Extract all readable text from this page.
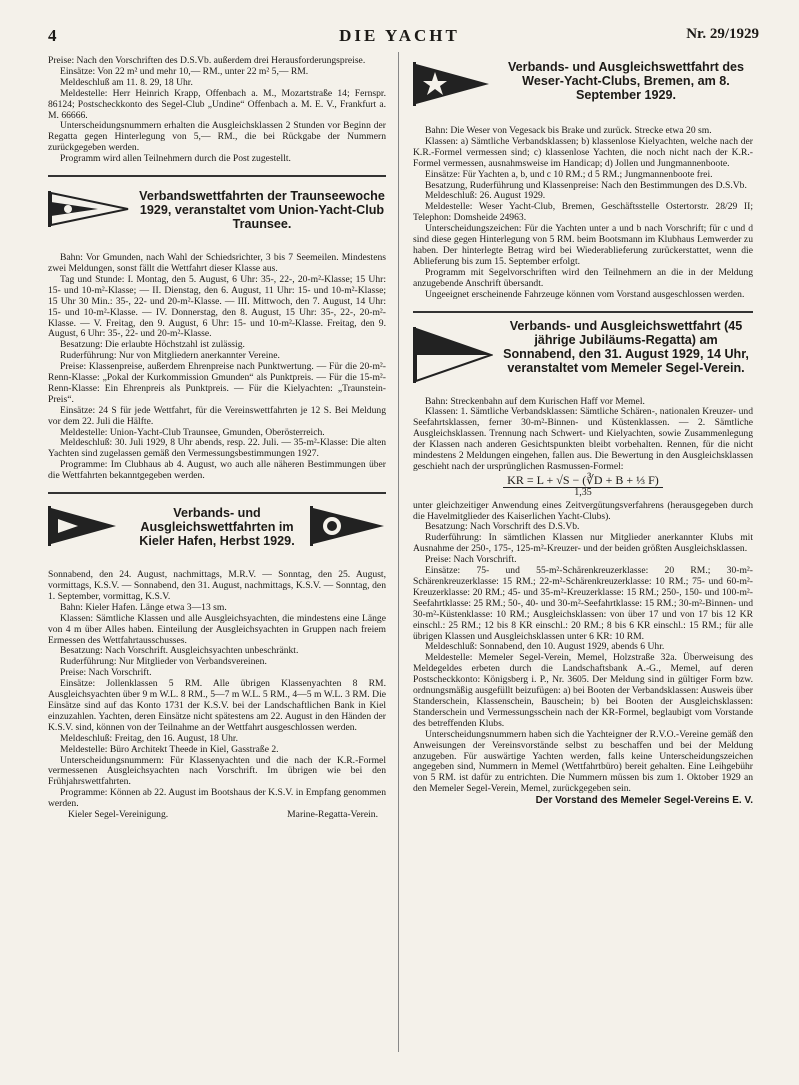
4	DIE YACHT	Nr. 29/1929

Preise: Nach den Vorschriften des D.S.Vb. außerdem drei Herausforderungspreise.

Einsätze: Von 22 m² und mehr 10,— RM., unter 22 m² 5,— RM.

Meldeschluß am 11. 8. 29, 18 Uhr.

Meldestelle: Herr Heinrich Krapp, Offenbach a. M., Mozartstraße 14; Fernspr. 86124; Postscheckkonto des Segel-Club „Undine“ Offenbach a. M. E. V., Frankfurt a. M. 66666.

Unterscheidungsnummern erhalten die Ausgleichsklassen 2 Stunden vor Beginn der Regatta gegen Hinterlegung von 5,— RM., die bei Rückgabe der Nummern zurückgegeben werden.

Programm wird allen Teilnehmern durch die Post zugestellt.

Verbandswettfahrten der Traunseewoche 1929, veranstaltet vom Union-Yacht-Club Traunsee.

Bahn: Vor Gmunden, nach Wahl der Schiedsrichter, 3 bis 7 Seemeilen. Mindestens zwei Meldungen, sonst fällt die Wettfahrt dieser Klasse aus.

Tag und Stunde: I. Montag, den 5. August, 6 Uhr: 35-, 22-, 20-m²-Klasse; 15 Uhr: 15- und 10-m²-Klasse; — II. Dienstag, den 6. August, 11 Uhr: 15- und 10-m²-Klasse; 15 Uhr 30 Min.: 35-, 22- und 20-m²-Klasse. — III. Mittwoch, den 7. August, 14 Uhr: 15- und 10-m²-Klasse. — IV. Donnerstag, den 8. August, 15 Uhr: 35-, 22-, 20-m²-Klasse. — V. Freitag, den 9. August, 6 Uhr: 15- und 10-m²-Klasse. Freitag, den 9. August, 6 Uhr: 35-, 22- und 20-m²-Klasse.

Besatzung: Die erlaubte Höchstzahl ist zulässig.

Ruderführung: Nur von Mitgliedern anerkannter Vereine.

Preise: Klassenpreise, außerdem Ehrenpreise nach Punktwertung. — Für die 20-m²-Renn-Klasse: „Pokal der Kurkommission Gmunden“ als Punktpreis. — Für die 15-m²-Renn-Klasse: Ein Ehrenpreis als Punktpreis. — Für die Kielyachten: „Traunstein-Preis“.

Einsätze: 24 S für jede Wettfahrt, für die Vereinswettfahrten je 12 S. Bei Meldung vor dem 22. Juli die Hälfte.

Meldestelle: Union-Yacht-Club Traunsee, Gmunden, Oberösterreich.

Meldeschluß: 30. Juli 1929, 8 Uhr abends, resp. 22. Juli. — 35-m²-Klasse: Die alten Yachten sind zugelassen gemäß den Vermessungsbestimmungen 1927.

Programme: Im Clubhaus ab 4. August, wo auch alle näheren Bestimmungen über die Wettfahrten bekanntgegeben werden.

Verbands- und Ausgleichswettfahrten im Kieler Hafen, Herbst 1929.

Sonnabend, den 24. August, nachmittags, M.R.V. — Sonntag, den 25. August, vormittags, K.S.V. — Sonnabend, den 31. August, nachmittags, K.S.V. — Sonntag, den 1. September, vormittag, K.S.V.

Bahn: Kieler Hafen. Länge etwa 3—13 sm.

Klassen: Sämtliche Klassen und alle Ausgleichsyachten, die mindestens eine Länge von 4 m über Alles haben. Einteilung der Ausgleichsyachten in Gruppen nach freiem Ermessen des Wettfahrtausschusses.

Besatzung: Nach Vorschrift. Ausgleichsyachten unbeschränkt.

Ruderführung: Nur Mitglieder von Verbandsvereinen.

Preise: Nach Vorschrift.

Einsätze: Jollenklassen 5 RM. Alle übrigen Klassenyachten 8 RM. Ausgleichsyachten über 9 m W.L. 8 RM., 5—7 m W.L. 5 RM., 4—5 m W.L. 3 RM. Die Einsätze sind auf das Konto 1731 der K.S.V. bei der Landschaftlichen Bank in Kiel einzuzahlen. Yachten, deren Einsätze nicht spätestens am 22. August in den Händen der K.S.V. sind, können von der Teilnahme an der Wettfahrt ausgeschlossen werden.

Meldeschluß: Freitag, den 16. August, 18 Uhr.

Meldestelle: Büro Architekt Theede in Kiel, Gasstraße 2.

Unterscheidungsnummern: Für Klassenyachten und die nach der K.R.-Formel vermessenen Ausgleichsyachten nach Vorschrift. Im übrigen wie bei den Frühjahrswettfahrten.

Programme: Können ab 22. August im Bootshaus der K.S.V. in Empfang genommen werden.

Kieler Segel-Vereinigung.	Marine-Regatta-Verein.

Verbands- und Ausgleichswettfahrt des Weser-Yacht-Clubs, Bremen, am 8. September 1929.

Bahn: Die Weser von Vegesack bis Brake und zurück. Strecke etwa 20 sm.

Klassen: a) Sämtliche Verbandsklassen; b) klassenlose Kielyachten, welche nach der K.R.-Formel vermessen sind; c) klassenlose Yachten, die noch nicht nach der K.R.-Formel vermessen, ausnahmsweise im Handicap; d) Jollen und Jungmannenboote.

Einsätze: Für Yachten a, b, und c 10 RM.; d 5 RM.; Jungmannenboote frei.

Besatzung, Ruderführung und Klassenpreise: Nach den Bestimmungen des D.S.Vb.

Meldeschluß: 26. August 1929.

Meldestelle: Weser Yacht-Club, Bremen, Geschäftsstelle Ostertorstr. 28/29 II; Telephon: Domsheide 24963.

Unterscheidungszeichen: Für die Yachten unter a und b nach Vorschrift; für c und d sind diese gegen Hinterlegung von 5 RM. beim Bootsmann im Klubhaus Lemwerder zu haben. Der hinterlegte Betrag wird bei Wiederablieferung zurückerstattet, wenn die Ablieferung bis zum 15. September erfolgt.

Programm mit Segelvorschriften wird den Teilnehmern an die in der Meldung anzugebende Anschrift übersandt.

Ungeeignet erscheinende Fahrzeuge können vom Vorstand ausgeschlossen werden.

Verbands- und Ausgleichswettfahrt (45 jährige Jubiläums-Regatta) am Sonnabend, den 31. August 1929, 14 Uhr, veranstaltet vom Memeler Segel-Verein.

Bahn: Streckenbahn auf dem Kurischen Haff vor Memel.

Klassen: 1. Sämtliche Verbandsklassen: Sämtliche Schären-, nationalen Kreuzer- und Seefahrtsklassen, ferner 30-m²-Binnen- und Küstenklassen. — 2. Sämtliche Ausgleichsklassen. Trennung nach Schwert- und Kielyachten, sowie Zusammenlegung der Klassen nach anderen Gesichtspunkten bleibt vorbehalten. Rennen, für die nicht mindestens 2 Meldungen eingehen, fallen aus. Die Bewertung in den Ausgleichsklassen geschieht nach der ursprünglichen Rasmussen-Formel:

KR = L + √S − (∛D + B + ⅓ F)
1,35

unter gleichzeitiger Anwendung eines Zeitvergütungsverfahrens (herausgegeben durch die Havelmitglieder des Kaiserlichen Yacht-Clubs).

Besatzung: Nach Vorschrift des D.S.Vb.

Ruderführung: In sämtlichen Klassen nur Mitglieder anerkannter Klubs mit Ausnahme der 250-, 175-, 125-m²-Kreuzer- und der beiden größten Ausgleichsklassen.

Preise: Nach Vorschrift.

Einsätze: 75- und 55-m²-Schärenkreuzerklasse: 20 RM.; 30-m²-Schärenkreuzerklasse: 15 RM.; 22-m²-Schärenkreuzerklasse: 10 RM.; 75- und 60-m²-Kreuzerklasse: 20 RM.; 45- und 35-m²-Kreuzerklasse: 15 RM.; 250-, 150- und 100-m²-Seefahrtklasse: 25 RM.; 50-, 40- und 30-m²-Seefahrtklasse: 15 RM.; 30-m²-Binnen- und 30-m²-Küstenklasse: 10 RM.; Ausgleichsklassen: von über 17 und von 17 bis 12 KR einschl.: 25 RM.; 12 bis 8 KR einschl.: 20 RM.; 8 bis 6 KR einschl.: 15 RM.; für alle übrigen Klassen und Ausgleichsklassen unter 6 KR: 10 RM.

Meldeschluß: Sonnabend, den 10. August 1929, abends 6 Uhr.

Meldestelle: Memeler Segel-Verein, Memel, Holzstraße 32a. Überweisung des Meldegeldes erbeten durch die Landschaftsbank A.-G., Memel, auf deren Postscheckkonto: Königsberg i. P., Nr. 3605. Der Meldung sind in gültiger Form bzw. ordnungsmäßig ausgefüllt beizufügen: a) bei Booten der Verbandsklassen: Ausweis über Standerschein, Klassenschein, Bauschein; b) bei Booten der Ausgleichsklassen: Standerschein und Vermessungsschein nach der KR-Formel, beglaubigt vom Vorstande des betreffenden Klubs.

Unterscheidungsnummern haben sich die Yachteigner der R.V.O.-Vereine gemäß den Anweisungen der Vereinsvorstände selbst zu beschaffen und bei der Meldung anzugeben. Für auswärtige Yachten werden, falls keine Unterscheidungszeichen angegeben sind, Nummern in Memel (Wettfahrtbüro) bereit gehalten. Eine Leihgebühr von 5 RM. ist dafür zu entrichten. Die Nummern müssen bis zum 1. Oktober 1929 an den Memeler Segel-Verein, Memel, zurückgegeben sein.

Der Vorstand des Memeler Segel-Vereins E. V.
